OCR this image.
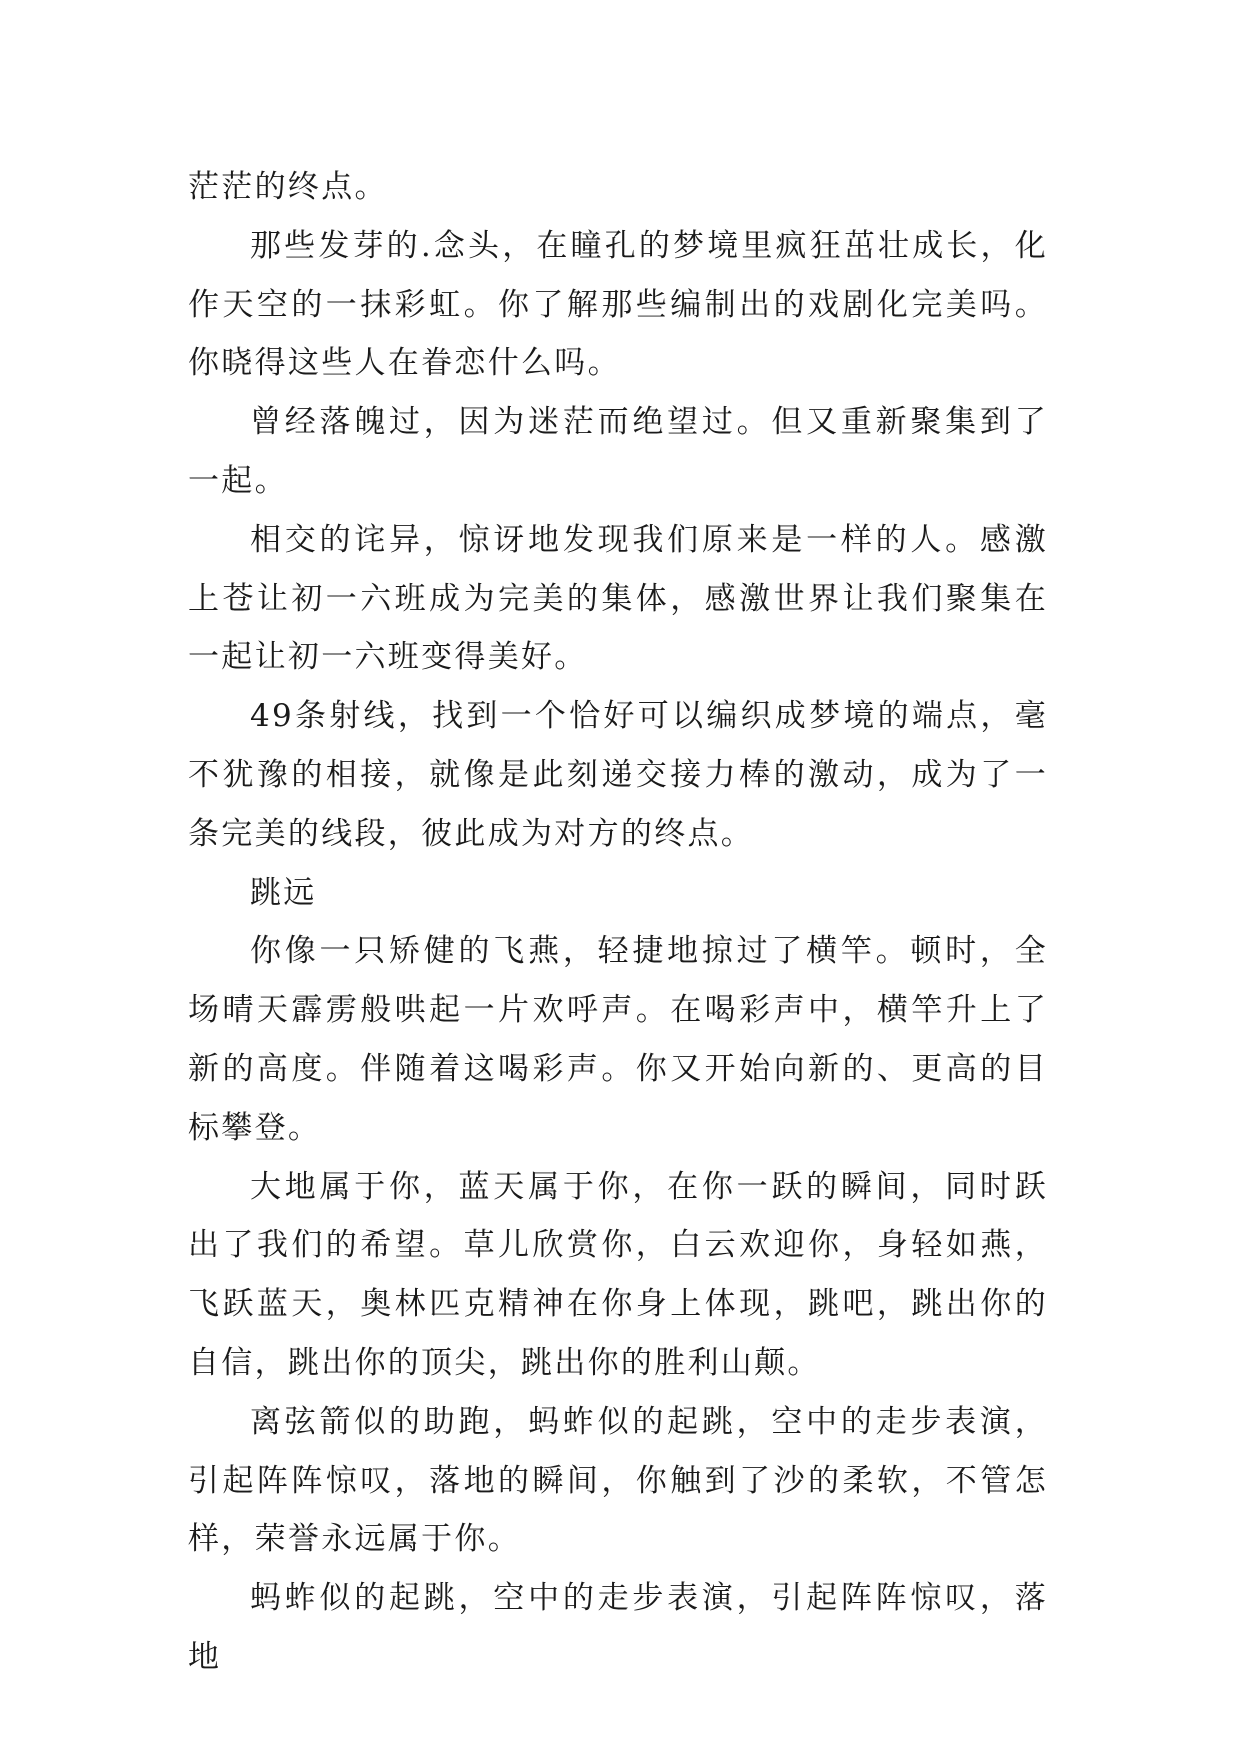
茫茫的终点。

那些发芽的.念头，在瞳孔的梦境里疯狂茁壮成长，化作天空的一抹彩虹。你了解那些编制出的戏剧化完美吗。你晓得这些人在眷恋什么吗。

曾经落魄过，因为迷茫而绝望过。但又重新聚集到了一起。

相交的诧异，惊讶地发现我们原来是一样的人。感激上苍让初一六班成为完美的集体，感激世界让我们聚集在一起让初一六班变得美好。

49条射线，找到一个恰好可以编织成梦境的端点，毫不犹豫的相接，就像是此刻递交接力棒的激动，成为了一条完美的线段，彼此成为对方的终点。

跳远

你像一只矫健的飞燕，轻捷地掠过了横竿。顿时，全场晴天霹雳般哄起一片欢呼声。在喝彩声中，横竿升上了新的高度。伴随着这喝彩声。你又开始向新的、更高的目标攀登。

大地属于你，蓝天属于你，在你一跃的瞬间，同时跃出了我们的希望。草儿欣赏你，白云欢迎你，身轻如燕，飞跃蓝天，奥林匹克精神在你身上体现，跳吧，跳出你的自信，跳出你的顶尖，跳出你的胜利山颠。

离弦箭似的助跑，蚂蚱似的起跳，空中的走步表演，引起阵阵惊叹，落地的瞬间，你触到了沙的柔软，不管怎样，荣誉永远属于你。

蚂蚱似的起跳，空中的走步表演，引起阵阵惊叹，落地
